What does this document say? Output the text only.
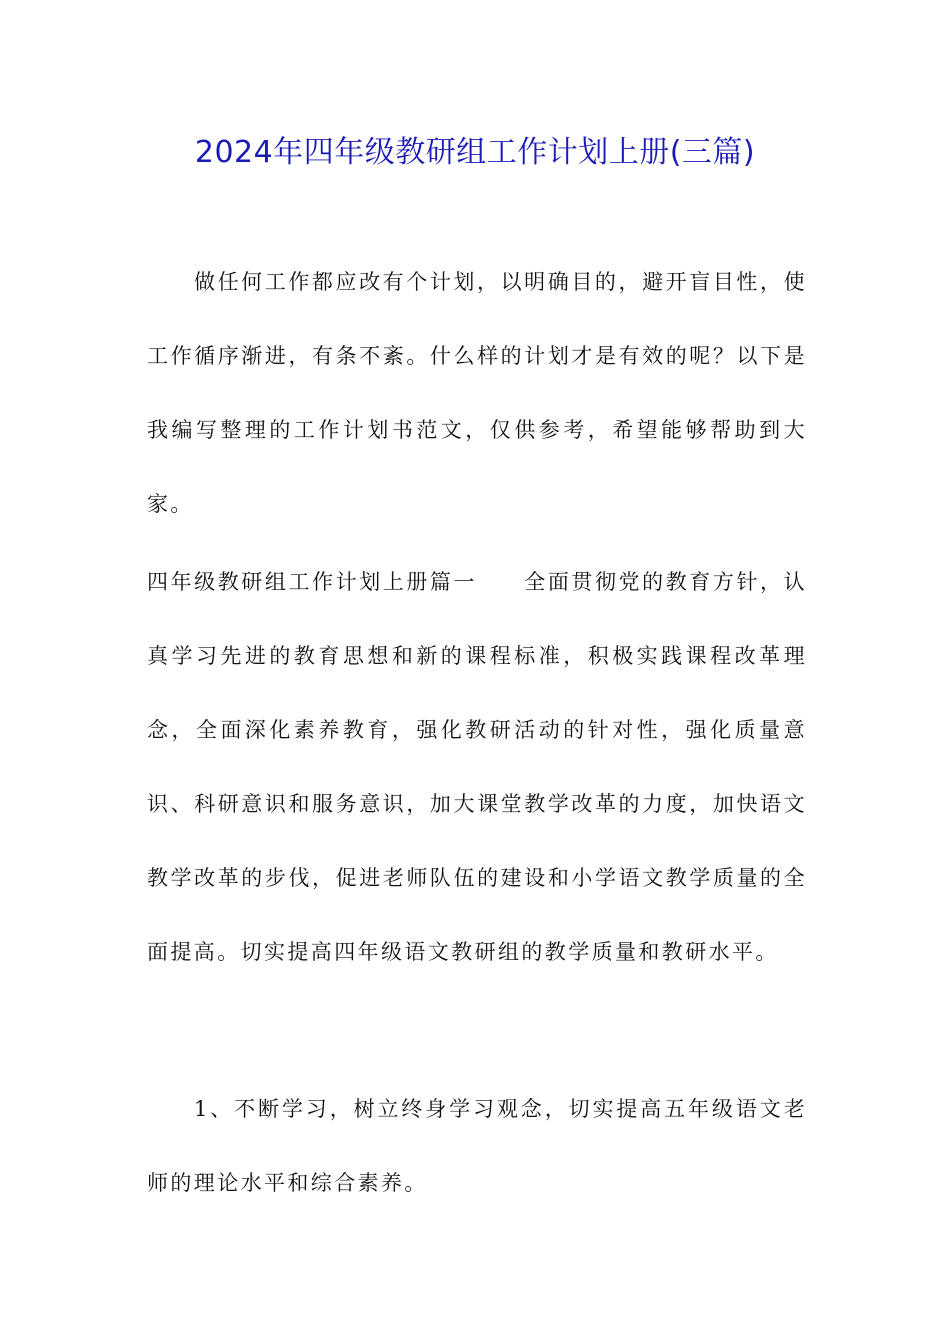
2024年四年级教研组工作计划上册(三篇)

做任何工作都应改有个计划，以明确目的，避开盲目性，使工作循序渐进，有条不紊。什么样的计划才是有效的呢？以下是我编写整理的工作计划书范文，仅供参考，希望能够帮助到大家。

四年级教研组工作计划上册篇一　　全面贯彻党的教育方针，认真学习先进的教育思想和新的课程标准，积极实践课程改革理念，全面深化素养教育，强化教研活动的针对性，强化质量意识、科研意识和服务意识，加大课堂教学改革的力度，加快语文教学改革的步伐，促进老师队伍的建设和小学语文教学质量的全面提高。切实提高四年级语文教研组的教学质量和教研水平。

1、不断学习，树立终身学习观念，切实提高五年级语文老师的理论水平和综合素养。
